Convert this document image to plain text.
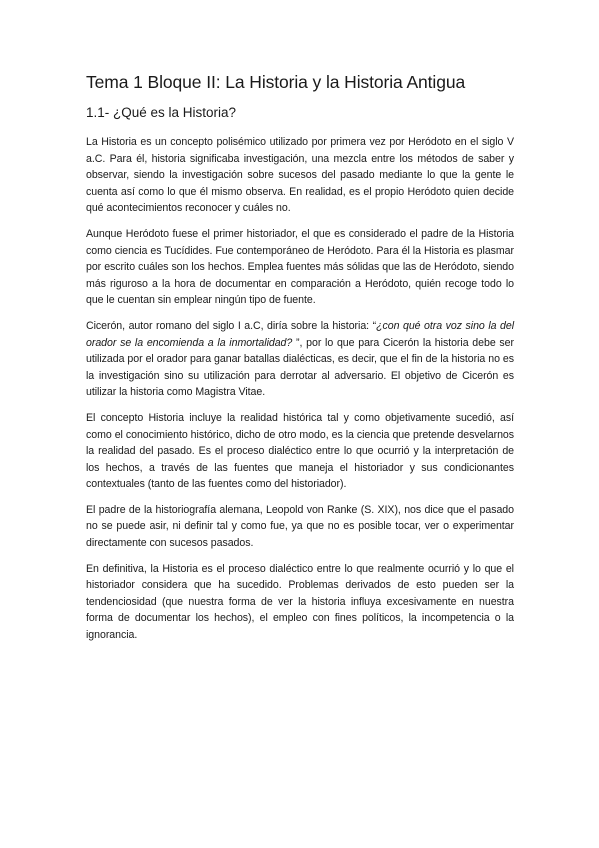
Tema 1 Bloque II: La Historia y la Historia Antigua
1.1- ¿Qué es la Historia?

La Historia es un concepto polisémico utilizado por primera vez por Heródoto en el siglo V a.C. Para él, historia significaba investigación, una mezcla entre los métodos de saber y observar, siendo la investigación sobre sucesos del pasado mediante lo que la gente le cuenta así como lo que él mismo observa. En realidad, es el propio Heródoto quien decide qué acontecimientos reconocer y cuáles no.

Aunque Heródoto fuese el primer historiador, el que es considerado el padre de la Historia como ciencia es Tucídides. Fue contemporáneo de Heródoto. Para él la Historia es plasmar por escrito cuáles son los hechos. Emplea fuentes más sólidas que las de Heródoto, siendo más riguroso a la hora de documentar en comparación a Heródoto, quién recoge todo lo que le cuentan sin emplear ningún tipo de fuente.

Cicerón, autor romano del siglo I a.C, diría sobre la historia: “¿con qué otra voz sino la del orador se la encomienda a la inmortalidad? ”, por lo que para Cicerón la historia debe ser utilizada por el orador para ganar batallas dialécticas, es decir, que el fin de la historia no es la investigación sino su utilización para derrotar al adversario. El objetivo de Cicerón es utilizar la historia como Magistra Vitae.

El concepto Historia incluye la realidad histórica tal y como objetivamente sucedió, así como el conocimiento histórico, dicho de otro modo, es la ciencia que pretende desvelarnos la realidad del pasado. Es el proceso dialéctico entre lo que ocurrió y la interpretación de los hechos, a través de las fuentes que maneja el historiador y sus condicionantes contextuales (tanto de las fuentes como del historiador).

El padre de la historiografía alemana, Leopold von Ranke (S. XIX), nos dice que el pasado no se puede asir, ni definir tal y como fue, ya que no es posible tocar, ver o experimentar directamente con sucesos pasados.

En definitiva, la Historia es el proceso dialéctico entre lo que realmente ocurrió y lo que el historiador considera que ha sucedido. Problemas derivados de esto pueden ser la tendenciosidad (que nuestra forma de ver la historia influya excesivamente en nuestra forma de documentar los hechos), el empleo con fines políticos, la incompetencia o la ignorancia.
